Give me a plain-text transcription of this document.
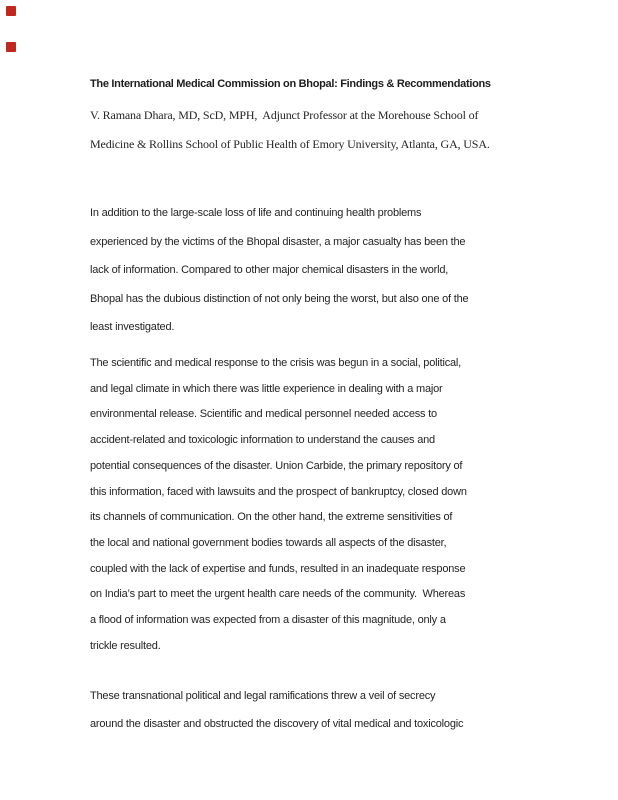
The International Medical Commission on Bhopal: Findings & Recommendations
V. Ramana Dhara, MD, ScD, MPH,  Adjunct Professor at the Morehouse School of
Medicine & Rollins School of Public Health of Emory University, Atlanta, GA, USA.
In addition to the large-scale loss of life and continuing health problems
experienced by the victims of the Bhopal disaster, a major casualty has been the
lack of information. Compared to other major chemical disasters in the world,
Bhopal has the dubious distinction of not only being the worst, but also one of the
least investigated.
The scientific and medical response to the crisis was begun in a social, political,
and legal climate in which there was little experience in dealing with a major
environmental release. Scientific and medical personnel needed access to
accident-related and toxicologic information to understand the causes and
potential consequences of the disaster. Union Carbide, the primary repository of
this information, faced with lawsuits and the prospect of bankruptcy, closed down
its channels of communication. On the other hand, the extreme sensitivities of
the local and national government bodies towards all aspects of the disaster,
coupled with the lack of expertise and funds, resulted in an inadequate response
on India’s part to meet the urgent health care needs of the community.  Whereas
a flood of information was expected from a disaster of this magnitude, only a
trickle resulted.
These transnational political and legal ramifications threw a veil of secrecy
around the disaster and obstructed the discovery of vital medical and toxicologic
